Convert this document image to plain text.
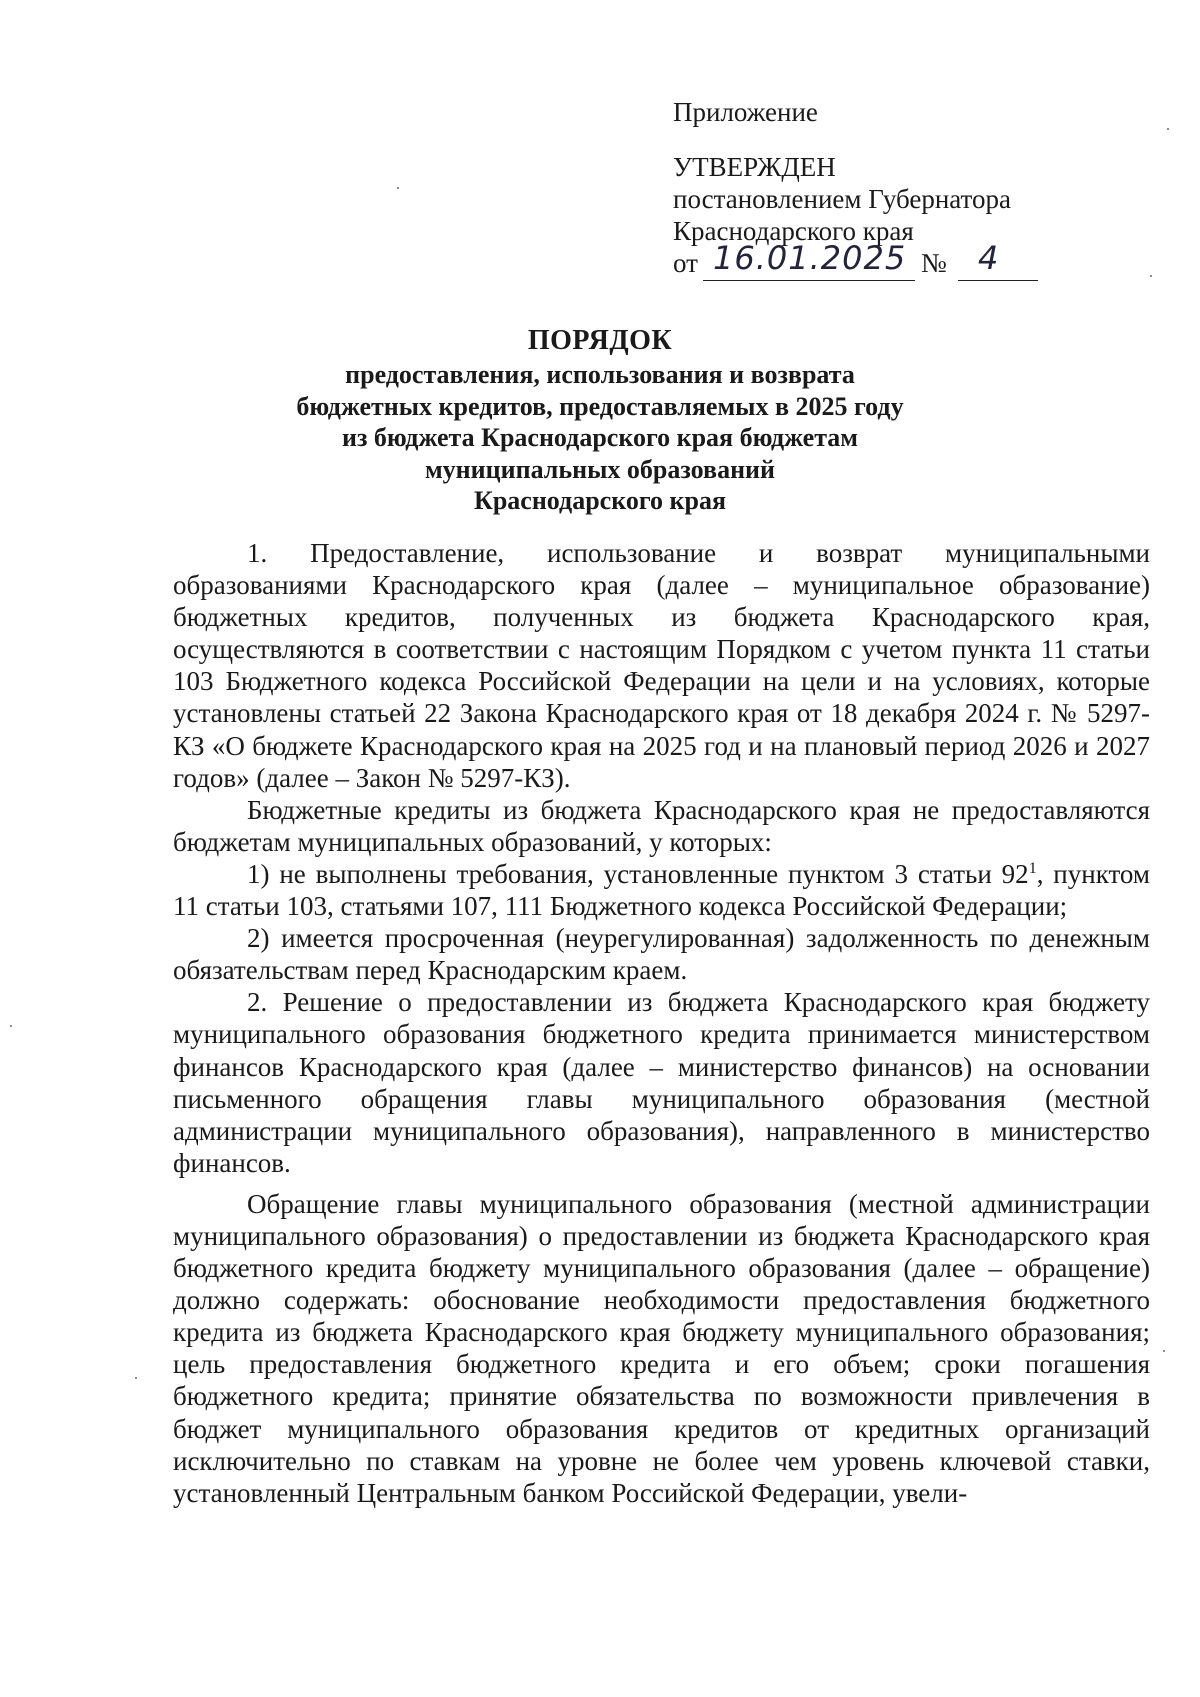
Приложение
УТВЕРЖДЕН
постановлением Губернатора
Краснодарского края
от 16.01.2025 № 4
ПОРЯДОК
предоставления, использования и возврата
бюджетных кредитов, предоставляемых в 2025 году
из бюджета Краснодарского края бюджетам
муниципальных образований
Краснодарского края

1. Предоставление, использование и возврат муниципальными образованиями Краснодарского края (далее – муниципальное образование) бюджетных кредитов, полученных из бюджета Краснодарского края, осуществляются в соответствии с настоящим Порядком с учетом пункта 11 статьи 103 Бюджетного кодекса Российской Федерации на цели и на условиях, которые установлены статьей 22 Закона Краснодарского края от 18 декабря 2024 г. № 5297-КЗ «О бюджете Краснодарского края на 2025 год и на плановый период 2026 и 2027 годов» (далее – Закон № 5297-КЗ).

Бюджетные кредиты из бюджета Краснодарского края не предоставляются бюджетам муниципальных образований, у которых:

1) не выполнены требования, установленные пунктом 3 статьи $92^1$, пунктом 11 статьи 103, статьями 107, 111 Бюджетного кодекса Российской Федерации;

2) имеется просроченная (неурегулированная) задолженность по денежным обязательствам перед Краснодарским краем.

2. Решение о предоставлении из бюджета Краснодарского края бюджету муниципального образования бюджетного кредита принимается министерством финансов Краснодарского края (далее – министерство финансов) на основании письменного обращения главы муниципального образования (местной администрации муниципального образования), направленного в министерство финансов.

Обращение главы муниципального образования (местной администрации муниципального образования) о предоставлении из бюджета Краснодарского края бюджетного кредита бюджету муниципального образования (далее – обращение) должно содержать: обоснование необходимости предоставления бюджетного кредита из бюджета Краснодарского края бюджету муниципального образования; цель предоставления бюджетного кредита и его объем; сроки погашения бюджетного кредита; принятие обязательства по возможности привлечения в бюджет муниципального образования кредитов от кредитных организаций исключительно по ставкам на уровне не более чем уровень ключевой ставки, установленный Центральным банком Российской Федерации, увели-
